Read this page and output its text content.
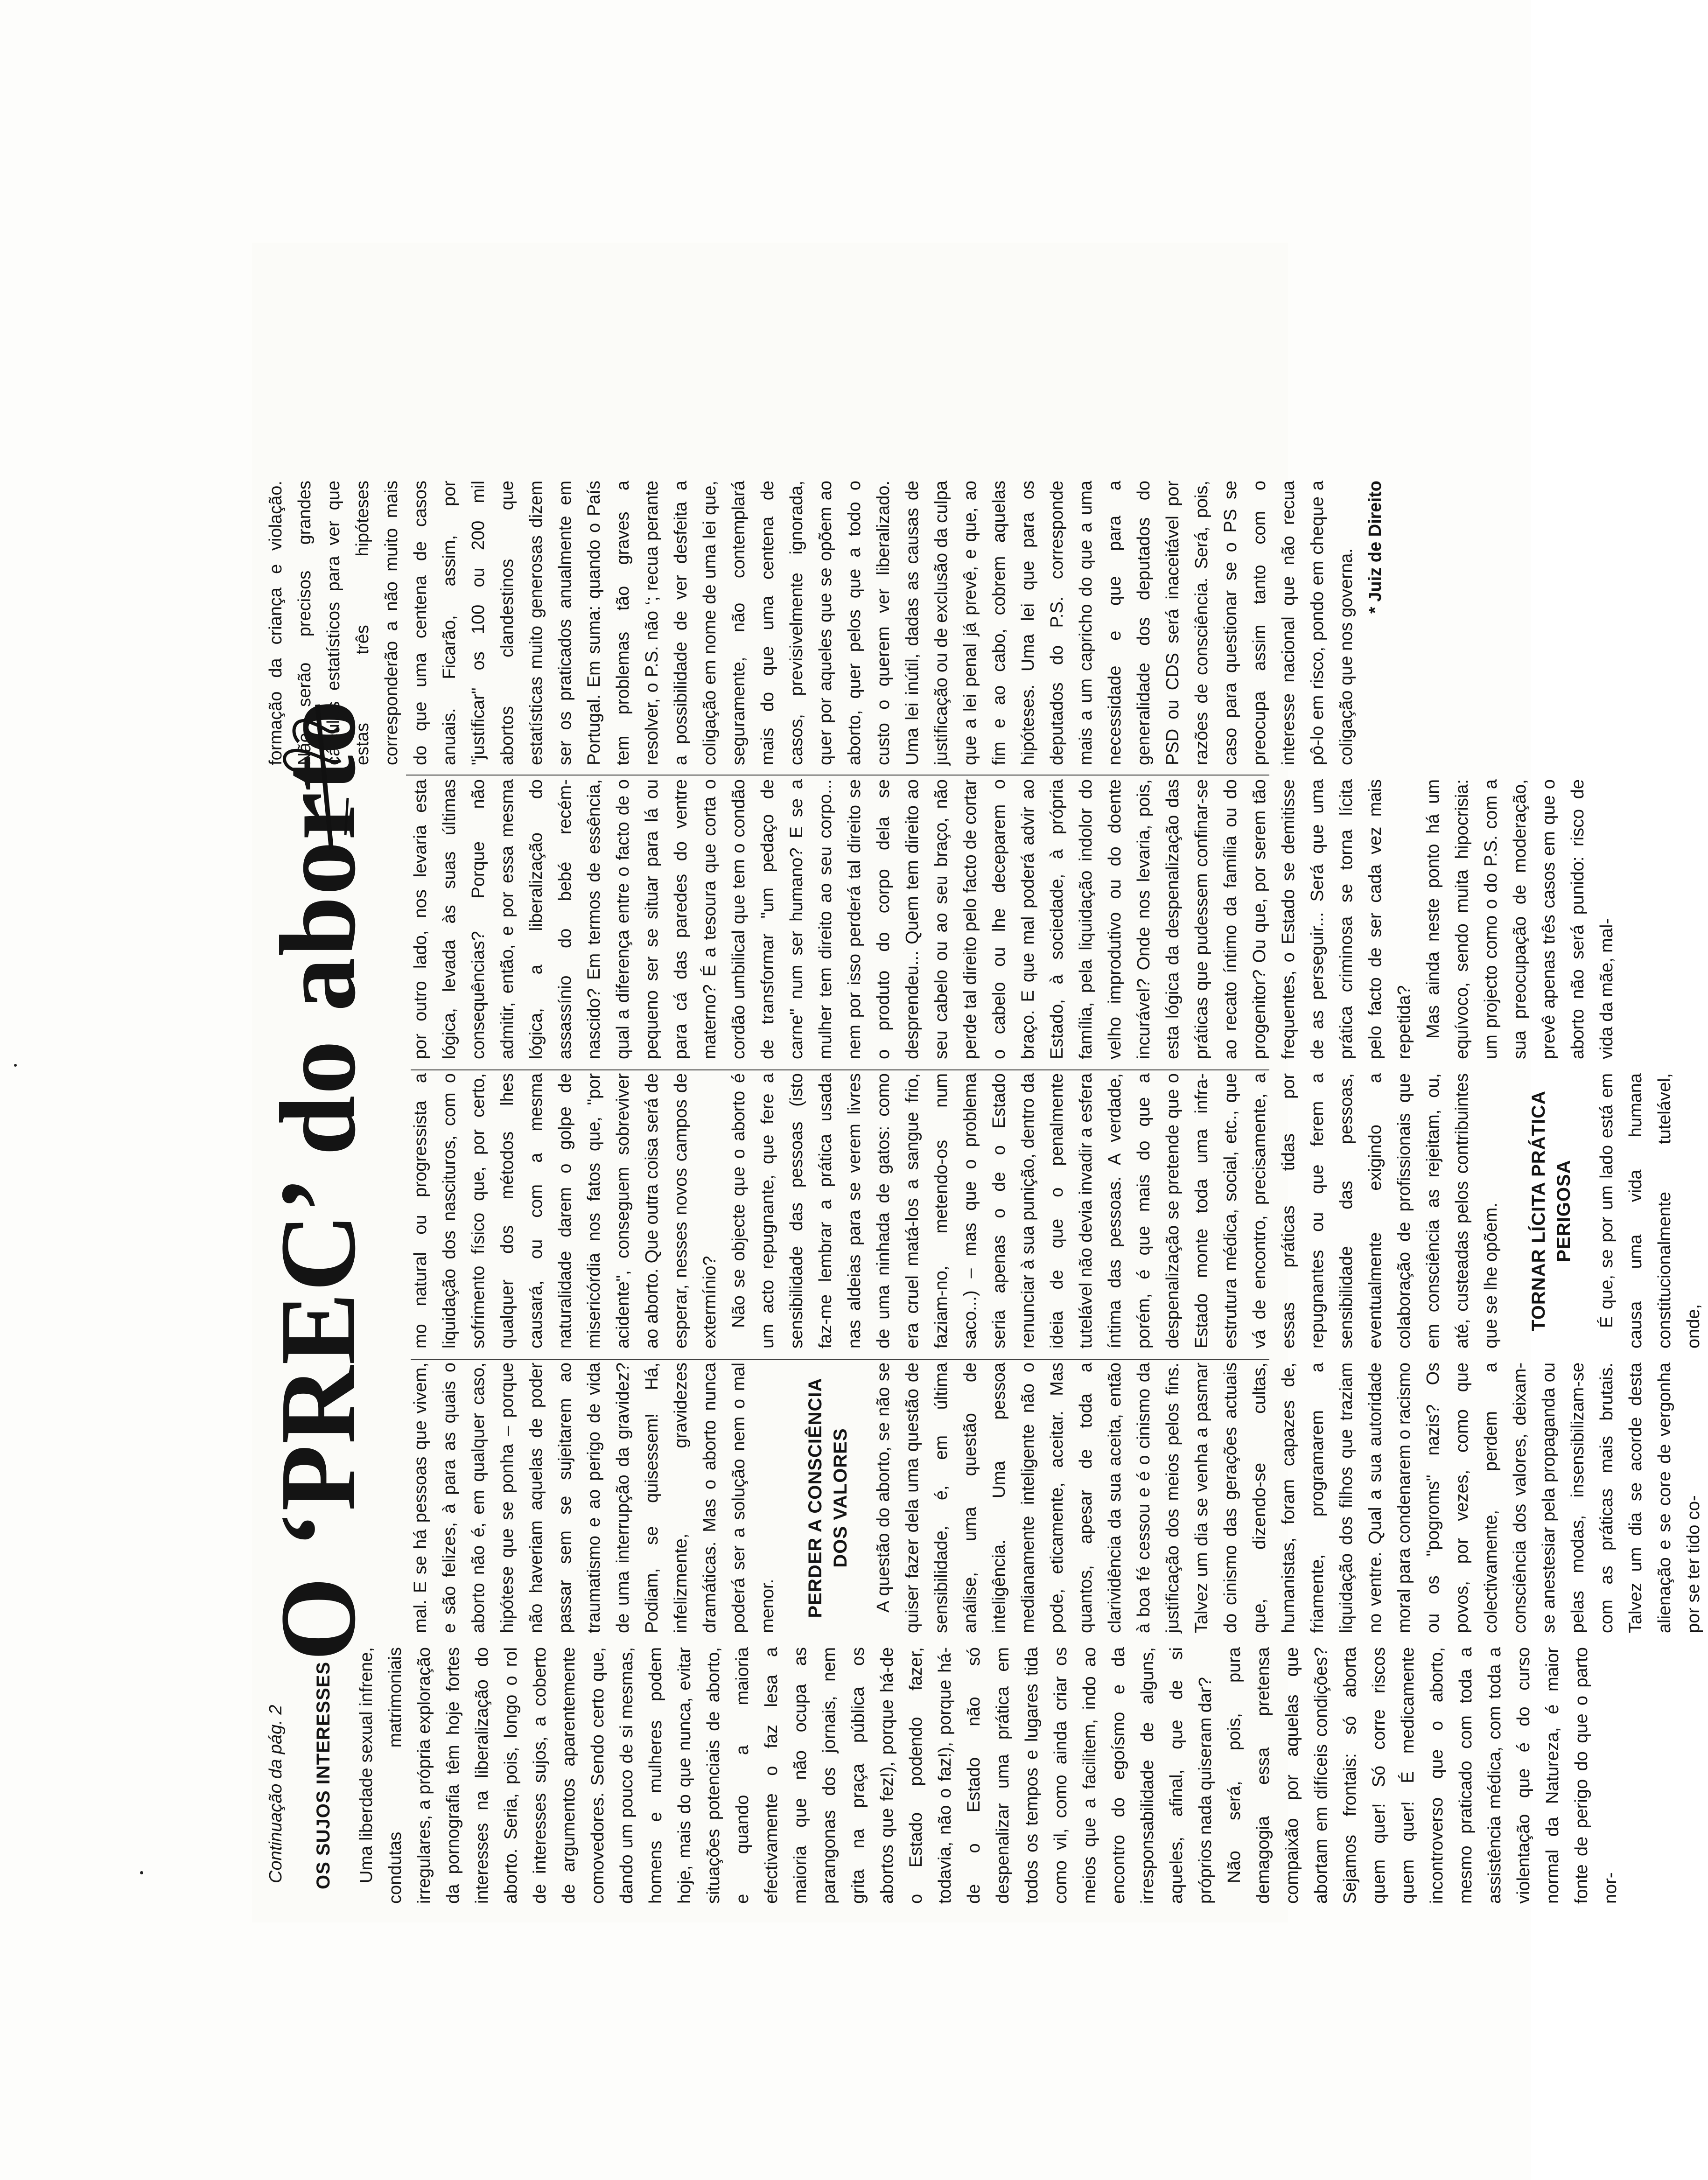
Continuação da pág. 2 OS SUJOS INTERESSES Uma liberdade sexual infrene, condutas matrimoniais irregulares, a própria exploração da pornografia têm hoje fortes interesses na liberalização do aborto. Seria, pois, longo o rol de interesses sujos, a coberto de argumentos aparentemente comovedores. Sendo certo que, dando um pouco de si mesmas, homens e mulheres podem hoje, mais do que nunca, evitar situações potenciais de aborto, e quando a maioria efectivamente o faz lesa a maioria que não ocupa as parangonas dos jornais, nem grita na praça pública os abortos que fez!), porque há-de o Estado podendo fazer, todavia, não o faz!), porque há-de o Estado não só despenalizar uma prática em todos os tempos e lugares tida como vil, como ainda criar os meios que a facilitem, indo ao encontro do egoísmo e da irresponsabilidade de alguns, aqueles, afinal, que de si próprios nada quiseram dar? Não será, pois, pura demagogia essa pretensa compaixão por aquelas que abortam em difíceis condições? Sejamos frontais: só aborta quem quer! Só corre riscos quem quer! É medicamente incontroverso que o aborto, mesmo praticado com toda a assistência médica, com toda a violentação que é do curso normal da Natureza, é maior fonte de perigo do que o parto nor-

O ‘PREC’ do aborto	mal. E se há pessoas que vivem, e são felizes, à para as quais o aborto não é, em qualquer caso, hipótese que se ponha – porque não haveriam aquelas de poder passar sem se sujeitarem ao traumatismo e ao perigo de vida de uma interrupção da gravidez? Podiam, se quisessem! Há, infelizmente, gravidezes dramáticas. Mas o aborto nunca poderá ser a solução nem o mal menor. PERDER A CONSCIÊNCIA DOS VALORES A questão do aborto, se não se quiser fazer dela uma questão de sensibilidade, é, em última análise, uma questão de inteligência. Uma pessoa medianamente inteligente não o pode, eticamente, aceitar. Mas quantos, apesar de toda a clarividência da sua aceita, então à boa fé cessou e é o cinismo da justificação dos meios pelos fins. Talvez um dia se venha a pasmar do cinismo das gerações actuais que, dizendo-se cultas, humanistas, foram capazes de, friamente, programarem a liquidação dos filhos que traziam no ventre. Qual a sua autoridade moral para condenarem o racismo ou os "pogroms" nazis? Os povos, por vezes, como que colectivamente, perdem a consciência dos valores, deixam-se anestesiar pela propaganda ou pelas modas, insensibilizam-se com as práticas mais brutais. Talvez um dia se acorde desta alienação e se core de vergonha por se ter tido co-

mo natural ou progressista a liquidação dos nascituros, com o sofrimento físico que, por certo, qualquer dos métodos lhes causará, ou com a mesma naturalidade darem o golpe de misericórdia nos fatos que, "por acidente", conseguem sobreviver ao aborto. Que outra coisa será de esperar, nesses novos campos de extermínio? Não se objecte que o aborto é um acto repugnante, que fere a sensibilidade das pessoas (isto faz-me lembrar a prática usada nas aldeias para se verem livres de uma ninhada de gatos: como era cruel matá-los a sangue frio, faziam-no, metendo-os num saco...) – mas que o problema seria apenas o de o Estado renunciar à sua punição, dentro da ideia de que o penalmente tutelável não devia invadir a esfera íntima das pessoas. A verdade, porém, é que mais do que a despenalização se pretende que o Estado monte toda uma infra-estrutura médica, social, etc., que vá de encontro, precisamente, a essas práticas tidas por repugnantes ou que ferem a sensibilidade das pessoas, eventualmente exigindo a colaboração de profissionais que em consciência as rejeitam, ou, até, custeadas pelos contribuintes que se lhe opõem. TORNAR LÍCITA PRÁTICA PERIGOSA É que, se por um lado está em causa uma vida humana constitucionalmente tutelável, onde,

por outro lado, nos levaria esta lógica, levada às suas últimas consequências? Porque não admitir, então, e por essa mesma lógica, a liberalização do assassínio do bebé recém-nascido? Em termos de essência, qual a diferença entre o facto de o pequeno ser se situar para lá ou para cá das paredes do ventre materno? É a tesoura que corta o cordão umbilical que tem o condão de transformar "um pedaço de carne" num ser humano? E se a mulher tem direito ao seu corpo... nem por isso perderá tal direito se o produto do corpo dela se desprendeu... Quem tem direito ao seu cabelo ou ao seu braço, não perde tal direito pelo facto de cortar o cabelo ou lhe deceparem o braço. E que mal poderá advir ao Estado, à sociedade, à própria família, pela liquidação indolor do velho improdutivo ou do doente incurável? Onde nos levaria, pois, esta lógica da despenalização das práticas que pudessem confinar-se ao recato íntimo da família ou do progenitor? Ou que, por serem tão frequentes, o Estado se demitisse de as perseguir... Será que uma prática criminosa se torna lícita pelo facto de ser cada vez mais repetida? Mas ainda neste ponto há um equívoco, sendo muita hipocrisia: um projecto como o do P.S. com a sua preocupação de moderação, prevê apenas três casos em que o aborto não será punido: risco de vida da mãe, mal-

formação da criança e violação. Não serão precisos grandes cálculos estatísticos para ver que estas três hipóteses corresponderão a não muito mais do que uma centena de casos anuais. Ficarão, assim, por "justificar" os 100 ou 200 mil abortos clandestinos que estatísticas muito generosas dizem ser os praticados anualmente em Portugal. Em suma: quando o País tem problemas tão graves a resolver, o P.S. não ‘; recua perante a possibilidade de ver desfeita a coligação em nome de uma lei que, seguramente, não contemplará mais do que uma centena de casos, previsivelmente ignorada, quer por aqueles que se opõem ao aborto, quer pelos que a todo o custo o querem ver liberalizado. Uma lei inútil, dadas as causas de justificação ou de exclusão da culpa que a lei penal já prevê, e que, ao fim e ao cabo, cobrem aquelas hipóteses. Uma lei que para os deputados do P.S. corresponde mais a um capricho do que a uma necessidade e que para a generalidade dos deputados do PSD ou CDS será inaceitável por razões de consciência. Será, pois, caso para questionar se o PS se preocupa assim tanto com o interesse nacional que não recua pô-lo em risco, pondo em cheque a coligação que nos governa.

* Juiz de Direito
